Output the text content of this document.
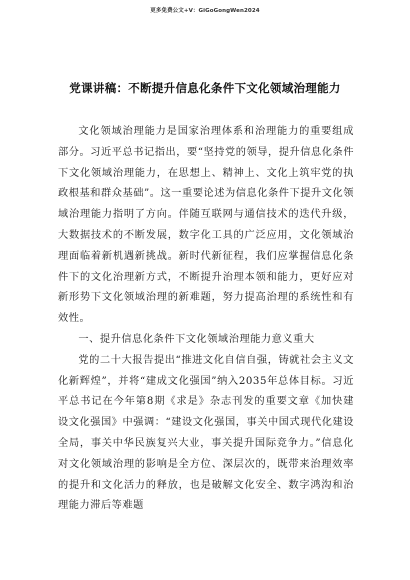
更多免费公文+V：GiGoGongWen2024
党课讲稿：不断提升信息化条件下文化领域治理能力

文化领域治理能力是国家治理体系和治理能力的重要组成部分。习近平总书记指出，要“坚持党的领导，提升信息化条件下文化领域治理能力，在思想上、精神上、文化上筑牢党的执政根基和群众基础”。这一重要论述为信息化条件下提升文化领域治理能力指明了方向。伴随互联网与通信技术的迭代升级，大数据技术的不断发展，数字化工具的广泛应用，文化领域治理面临着新机遇新挑战。新时代新征程，我们应掌握信息化条件下的文化治理新方式，不断提升治理本领和能力，更好应对新形势下文化领域治理的新难题，努力提高治理的系统性和有效性。

一、提升信息化条件下文化领域治理能力意义重大

党的二十大报告提出“推进文化自信自强，铸就社会主义文化新辉煌”，并将“建成文化强国”纳入2035年总体目标。习近平总书记在今年第8期《求是》杂志刊发的重要文章《加快建设文化强国》中强调：“建设文化强国，事关中国式现代化建设全局，事关中华民族复兴大业，事关提升国际竞争力。”信息化对文化领域治理的影响是全方位、深层次的，既带来治理效率的提升和文化活力的释放，也是破解文化安全、数字鸿沟和治理能力滞后等难题
